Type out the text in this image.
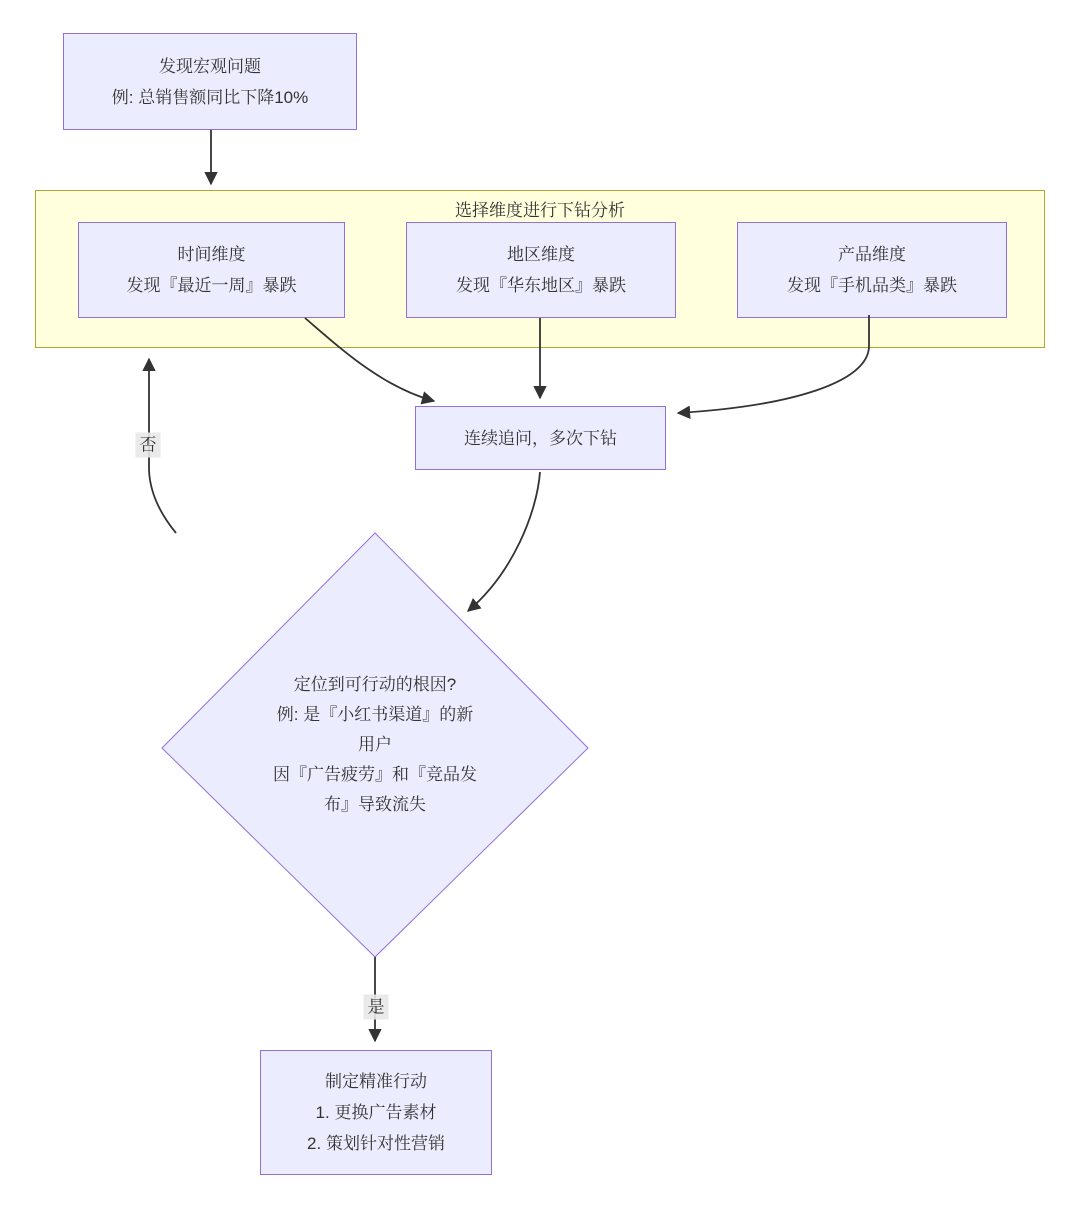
选择维度进行下钻分析
发现宏观问题
例: 总销售额同比下降10%
时间维度
发现『最近一周』暴跌
地区维度
发现『华东地区』暴跌
产品维度
发现『手机品类』暴跌
连续追问，多次下钻
定位到可行动的根因?
例: 是『小红书渠道』的新
用户
因『广告疲劳』和『竞品发
布』导致流失
制定精准行动
1. 更换广告素材
2. 策划针对性营销
否
是
